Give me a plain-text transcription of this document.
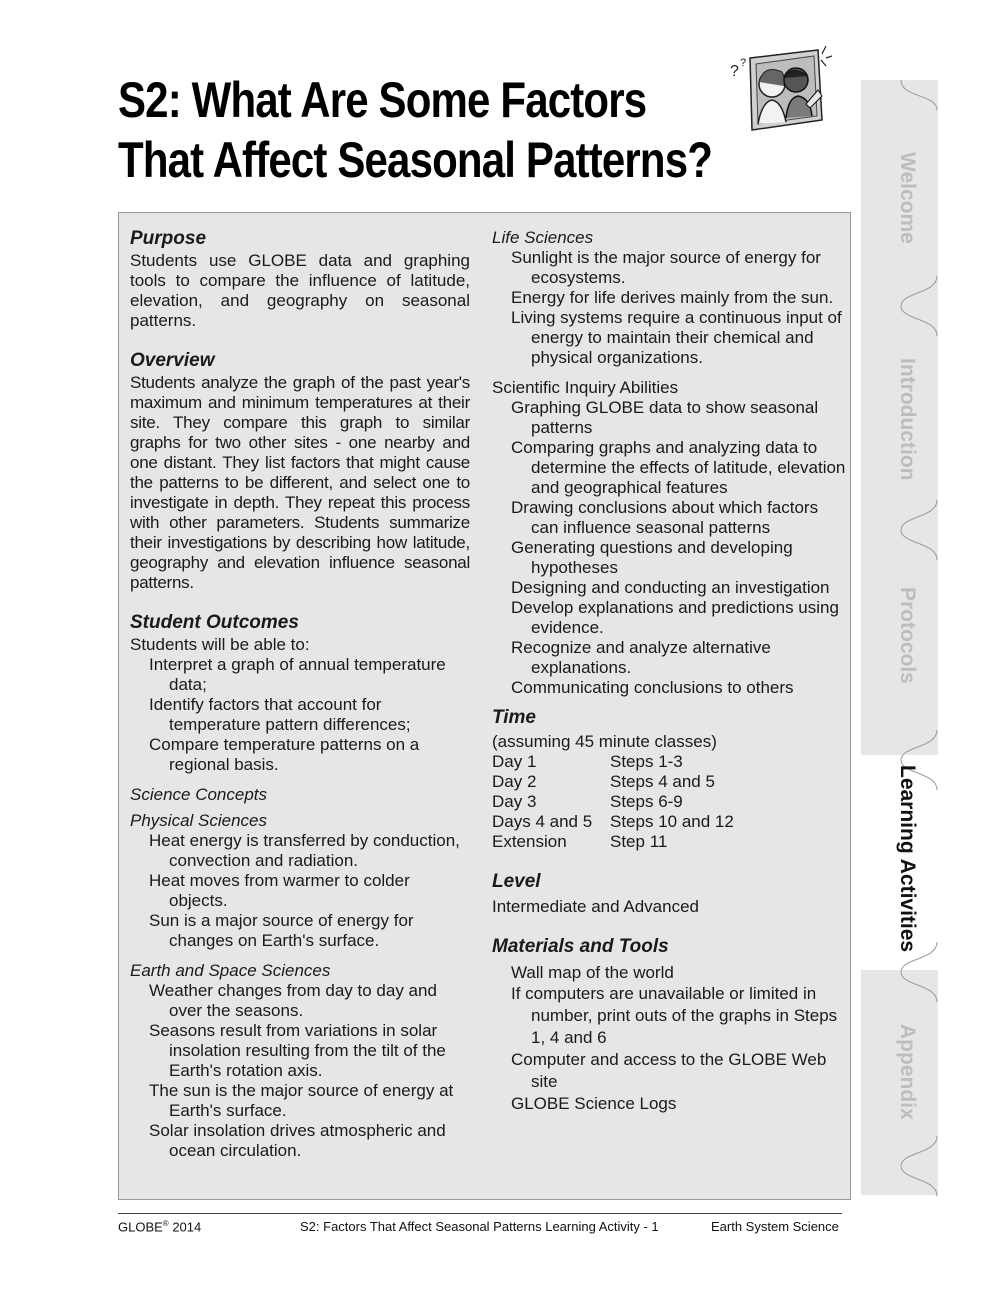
S2: What Are Some Factors
That Affect Seasonal Patterns?
? ?
Purpose

Students use GLOBE data and graphing tools to compare the influence of latitude, elevation, and geography on seasonal patterns.

Overview

Students analyze the graph of the past year's maximum and minimum temperatures at their site. They compare this graph to similar graphs for two other sites - one nearby and one distant. They list factors that might cause the patterns to be different, and select one to investigate in depth. They repeat this process with other parameters. Students summarize their investigations by describing how latitude, geography and elevation influence seasonal patterns.

Student Outcomes

Students will be able to:

Interpret a graph of annual temperature data;

Identify factors that account for temperature pattern differences;

Compare temperature patterns on a regional basis.

Science Concepts

Physical Sciences

Heat energy is transferred by conduction, convection and radiation.

Heat moves from warmer to colder objects.

Sun is a major source of energy for changes on Earth's surface.

Earth and Space Sciences

Weather changes from day to day and over the seasons.

Seasons result from variations in solar insolation resulting from the tilt of the Earth's rotation axis.

The sun is the major source of energy at Earth's surface.

Solar insolation drives atmospheric and ocean circulation.

Life Sciences

Sunlight is the major source of energy for ecosystems.

Energy for life derives mainly from the sun.

Living systems require a continuous input of energy to maintain their chemical and physical organizations.

Scientific Inquiry Abilities

Graphing GLOBE data to show seasonal patterns

Comparing graphs and analyzing data to determine the effects of latitude, elevation and geographical features

Drawing conclusions about which factors can influence seasonal patterns

Generating questions and developing hypotheses

Designing and conducting an investigation

Develop explanations and predictions using evidence.

Recognize and analyze alternative explanations.

Communicating conclusions to others

Time

(assuming 45 minute classes)

Day 1	Steps 1-3
Day 2	Steps 4 and 5
Day 3	Steps 6-9
Days 4 and 5	Steps 10 and 12
Extension	Step 11
Level

Intermediate and Advanced

Materials and Tools

Wall map of the world

If computers are unavailable or limited in number, print outs of the graphs in Steps 1, 4 and 6

Computer and access to the GLOBE Web site

GLOBE Science Logs

Welcome
Introduction
Protocols
Learning Activities
Appendix
GLOBE® 2014	S2: Factors That Affect Seasonal Patterns Learning Activity - 1	Earth System Science
